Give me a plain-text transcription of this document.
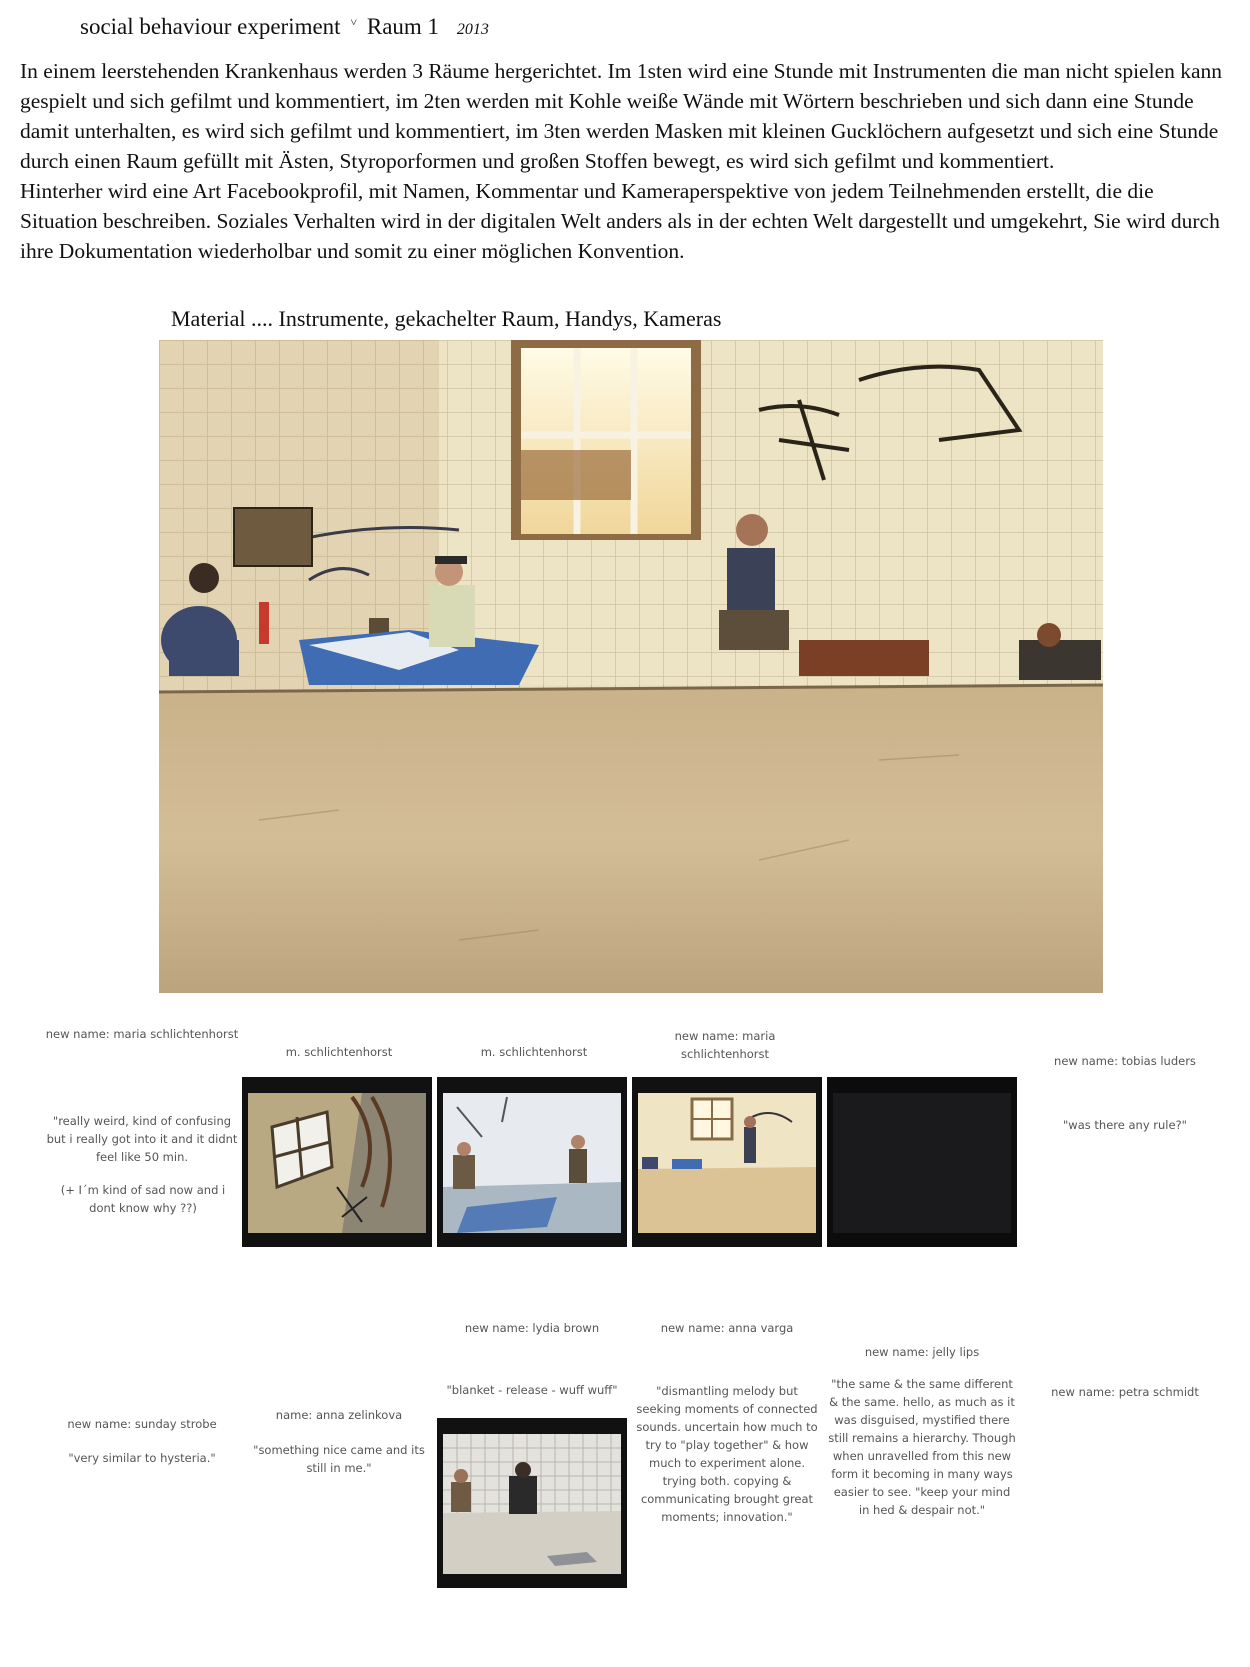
social behaviour experiment ˅ Raum 1 2013

In einem leerstehenden Krankenhaus werden 3 Räume hergerichtet. Im 1sten wird eine Stunde mit Instrumenten die man nicht spielen kann gespielt und sich gefilmt und kommentiert, im 2ten werden mit Kohle weiße Wände mit Wörtern beschrieben und sich dann eine Stunde damit unterhalten, es wird sich gefilmt und kommentiert, im 3ten werden Masken mit kleinen Gucklöchern aufgesetzt und sich eine Stunde durch einen Raum gefüllt mit Ästen, Styroporformen und großen Stoffen bewegt, es wird sich gefilmt und kommentiert.

Hinterher wird eine Art Facebookprofil, mit Namen, Kommentar und Kameraperspektive von jedem Teilnehmenden erstellt, die die Situation beschreiben. Soziales Verhalten wird in der digitalen Welt anders als in der echten Welt dargestellt und umgekehrt, Sie wird durch ihre Dokumentation wiederholbar und somit zu einer möglichen Konvention.

Material .... Instrumente, gekachelter Raum, Handys, Kameras
new name: maria schlichtenhorst
"really weird, kind of confusing but i really got into it and it didnt feel like 50 min.
(+ I´m kind of sad now and i dont know why ??)
m. schlichtenhorst	m. schlichtenhorst
new name: maria schlichtenhorst	new name: tobias luders
"was there any rule?"
new name: sunday strobe
"very similar to hysteria."
name: anna zelinkova
"something nice came and its still in me."
new name: lydia brown
"blanket - release - wuff wuff"
new name: anna varga
"dismantling melody but seeking moments of connected sounds. uncertain how much to try to "play together" & how much to experiment alone. trying both. copying & communicating brought great moments; innovation."
new name: jelly lips
"the same & the same different & the same. hello, as much as it was disguised, mystified there still remains a hierarchy. Though when unravelled from this new form it becoming in many ways easier to see. "keep your mind in hed & despair not."
new name: petra schmidt
